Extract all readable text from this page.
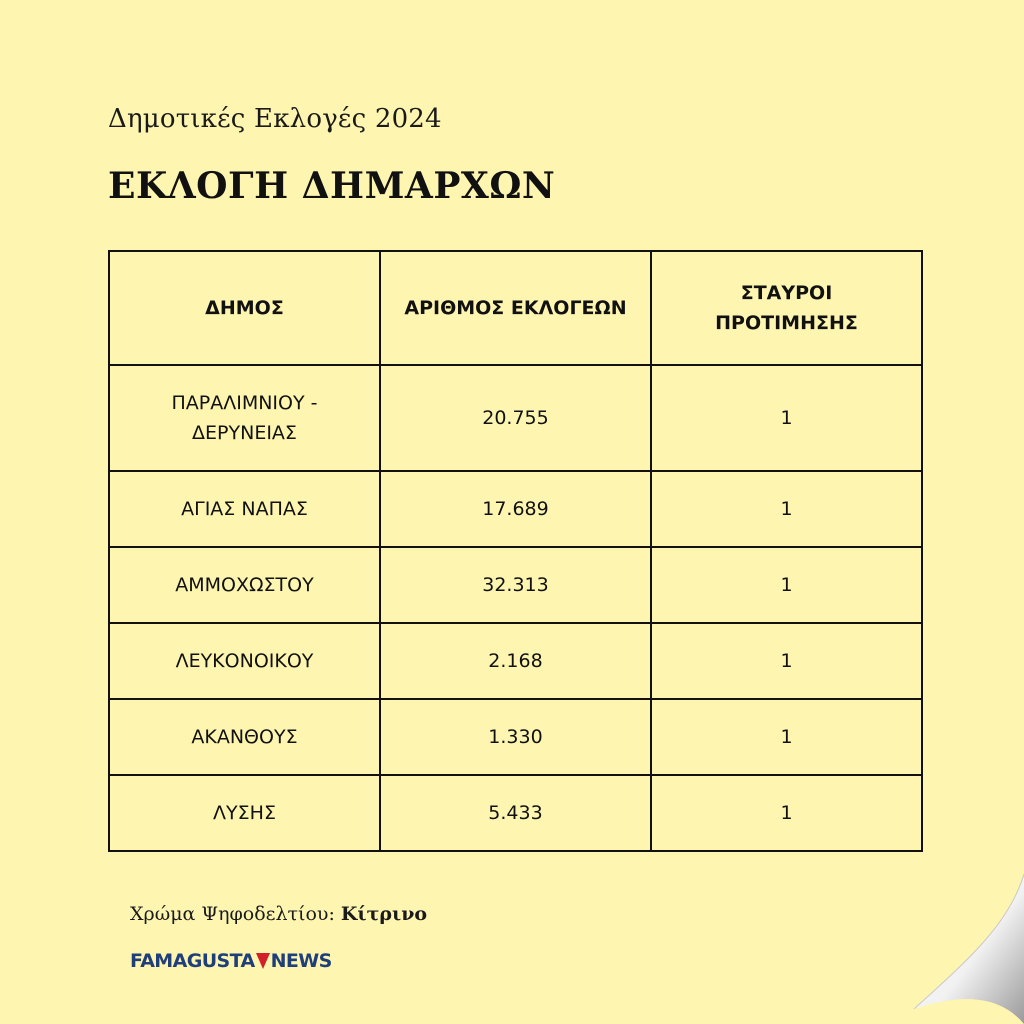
Δημοτικές Εκλογές 2024
ΕΚΛΟΓΗ ΔΗΜΑΡΧΩΝ
ΔΗΜΟΣ	ΑΡΙΘΜΟΣ ΕΚΛΟΓΕΩΝ	ΣΤΑΥΡΟΙ ΠΡΟΤΙΜΗΣΗΣ
ΠΑΡΑΛΙΜΝΙΟΥ - ΔΕΡΥΝΕΙΑΣ	20.755	1
ΑΓΙΑΣ ΝΑΠΑΣ	17.689	1
ΑΜΜΟΧΩΣΤΟΥ	32.313	1
ΛΕΥΚΟΝΟΙΚΟΥ	2.168	1
ΑΚΑΝΘΟΥΣ	1.330	1
ΛΥΣΗΣ	5.433	1
Χρώμα Ψηφοδελτίου: Κίτρινο
FAMAGUSTA NEWS
